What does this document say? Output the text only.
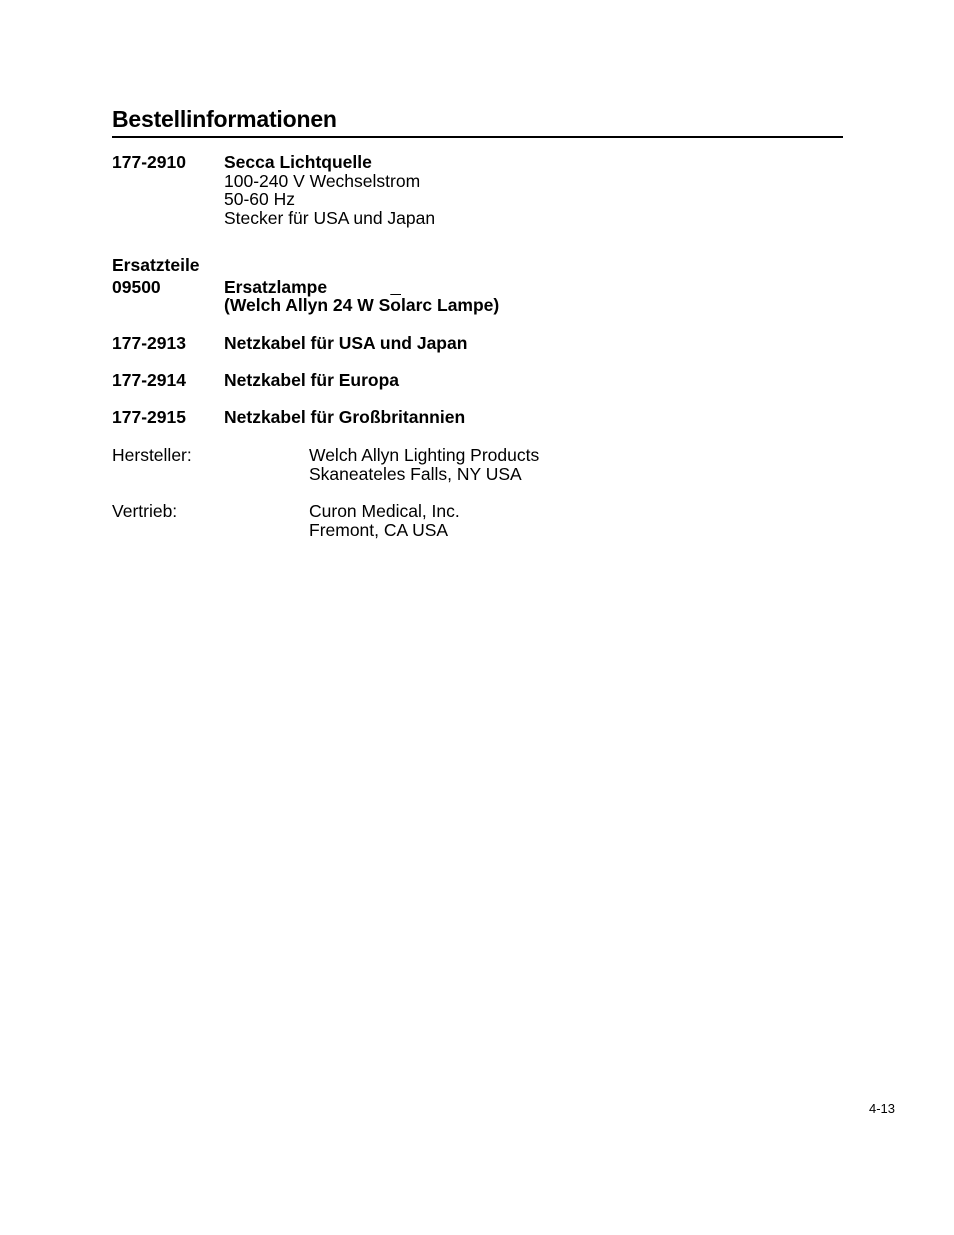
Bestellinformationen
177-2910 Secca Lichtquelle
100-240 V Wechselstrom
50-60 Hz
Stecker für USA und Japan
Ersatzteile
09500	Ersatzlampe
(Welch Allyn 24 W $S\overline{o}larc$ Lampe)
177-2913 Netzkabel für USA und Japan
177-2914 Netzkabel für Europa
177-2915 Netzkabel für Großbritannien
Hersteller:	Welch Allyn Lighting Products
Skaneateles Falls, NY USA
Vertrieb:	Curon Medical, Inc.
Fremont, CA USA
4-13
